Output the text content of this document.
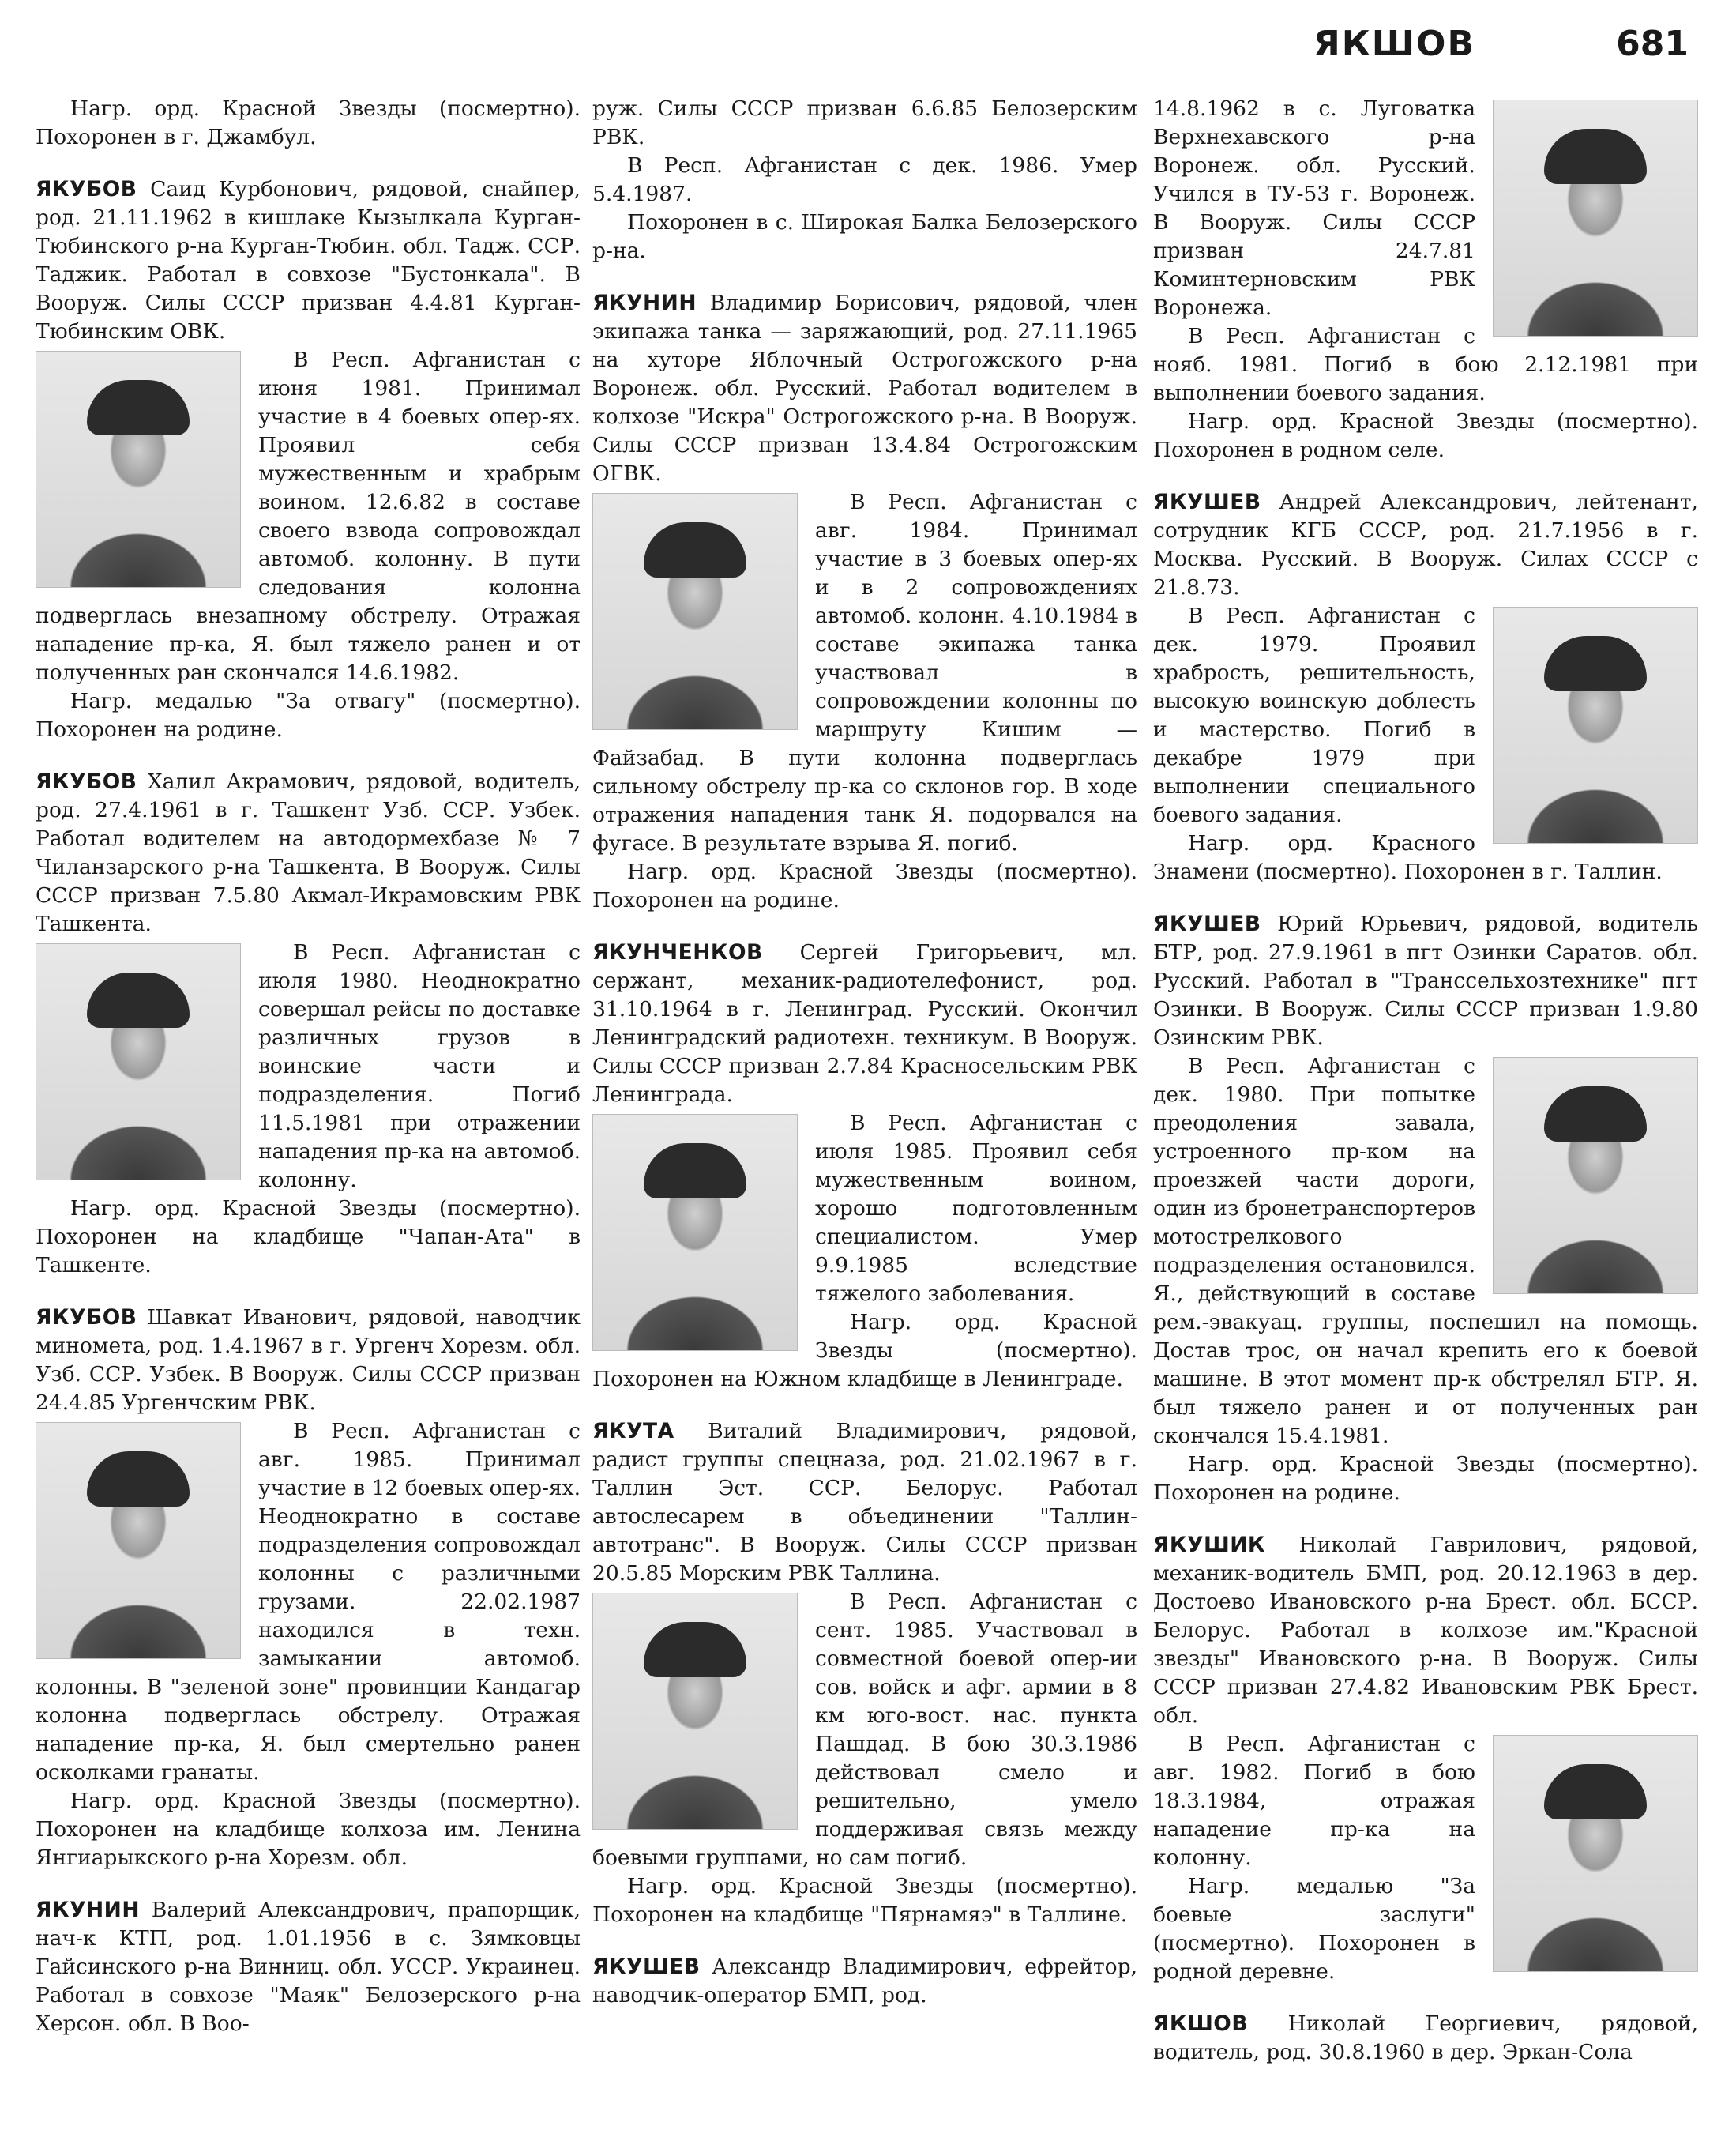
ЯКШОВ	681

Нагр. орд. Красной Звезды (посмертно). Похоронен в г. Джамбул.

ЯКУБОВ Саид Курбонович, рядовой, снайпер, род. 21.11.1962 в кишлаке Кызылкала Курган-Тюбинского р-на Курган-Тюбин. обл. Тадж. ССР. Таджик. Работал в совхозе "Бустонкала". В Вооруж. Силы СССР призван 4.4.81 Курган-Тюбинским ОВК.

В Респ. Афганистан с июня 1981. Принимал участие в 4 боевых опер-ях. Проявил себя мужественным и храбрым воином. 12.6.82 в составе своего взвода сопровождал автомоб. колонну. В пути следования колонна подверглась внезапному обстрелу. Отражая нападение пр-ка, Я. был тяжело ранен и от полученных ран скончался 14.6.1982.

Нагр. медалью "За отвагу" (посмертно). Похоронен на родине.

ЯКУБОВ Халил Акрамович, рядовой, водитель, род. 27.4.1961 в г. Ташкент Узб. ССР. Узбек. Работал водителем на автодормехбазе № 7 Чиланзарского р-на Ташкента. В Вооруж. Силы СССР призван 7.5.80 Акмал-Икрамовским РВК Ташкента.

В Респ. Афганистан с июля 1980. Неоднократно совершал рейсы по доставке различных грузов в воинские части и подразделения. Погиб 11.5.1981 при отражении нападения пр-ка на автомоб. колонну.

Нагр. орд. Красной Звезды (посмертно). Похоронен на кладбище "Чапан-Ата" в Ташкенте.

ЯКУБОВ Шавкат Иванович, рядовой, наводчик миномета, род. 1.4.1967 в г. Ургенч Хорезм. обл. Узб. ССР. Узбек. В Вооруж. Силы СССР призван 24.4.85 Ургенчским РВК.

В Респ. Афганистан с авг. 1985. Принимал участие в 12 боевых опер-ях. Неоднократно в составе подразделения сопровождал колонны с различными грузами. 22.02.1987 находился в техн. замыкании автомоб. колонны. В "зеленой зоне" провинции Кандагар колонна подверглась обстрелу. Отражая нападение пр-ка, Я. был смертельно ранен осколками гранаты.

Нагр. орд. Красной Звезды (посмертно). Похоронен на кладбище колхоза им. Ленина Янгиарыкского р-на Хорезм. обл.

ЯКУНИН Валерий Александрович, прапорщик, нач-к КТП, род. 1.01.1956 в с. Зямковцы Гайсинского р-на Винниц. обл. УССР. Украинец. Работал в совхозе "Маяк" Белозерского р-на Херсон. обл. В Воо-

руж. Силы СССР призван 6.6.85 Белозерским РВК.

В Респ. Афганистан с дек. 1986. Умер 5.4.1987.

Похоронен в с. Широкая Балка Белозерского р-на.

ЯКУНИН Владимир Борисович, рядовой, член экипажа танка — заряжающий, род. 27.11.1965 на хуторе Яблочный Острогожского р-на Воронеж. обл. Русский. Работал водителем в колхозе "Искра" Острогожского р-на. В Вооруж. Силы СССР призван 13.4.84 Острогожским ОГВК.

В Респ. Афганистан с авг. 1984. Принимал участие в 3 боевых опер-ях и в 2 сопровождениях автомоб. колонн. 4.10.1984 в составе экипажа танка участвовал в сопровождении колонны по маршруту Кишим — Файзабад. В пути колонна подверглась сильному обстрелу пр-ка со склонов гор. В ходе отражения нападения танк Я. подорвался на фугасе. В результате взрыва Я. погиб.

Нагр. орд. Красной Звезды (посмертно). Похоронен на родине.

ЯКУНЧЕНКОВ Сергей Григорьевич, мл. сержант, механик-радиотелефонист, род. 31.10.1964 в г. Ленинград. Русский. Окончил Ленинградский радиотехн. техникум. В Вооруж. Силы СССР призван 2.7.84 Красносельским РВК Ленинграда.

В Респ. Афганистан с июля 1985. Проявил себя мужественным воином, хорошо подготовленным специалистом. Умер 9.9.1985 вследствие тяжелого заболевания.

Нагр. орд. Красной Звезды (посмертно). Похоронен на Южном кладбище в Ленинграде.

ЯКУТА Виталий Владимирович, рядовой, радист группы спецназа, род. 21.02.1967 в г. Таллин Эст. ССР. Белорус. Работал автослесарем в объединении "Таллин-автотранс". В Вооруж. Силы СССР призван 20.5.85 Морским РВК Таллина.

В Респ. Афганистан с сент. 1985. Участвовал в совместной боевой опер-ии сов. войск и афг. армии в 8 км юго-вост. нас. пункта Пашдад. В бою 30.3.1986 действовал смело и решительно, умело поддерживая связь между боевыми группами, но сам погиб.

Нагр. орд. Красной Звезды (посмертно). Похоронен на кладбище "Пярнамяэ" в Таллине.

ЯКУШЕВ Александр Владимирович, ефрейтор, наводчик-оператор БМП, род.

14.8.1962 в с. Луговатка Верхнехавского р-на Воронеж. обл. Русский. Учился в ТУ-53 г. Воронеж. В Вооруж. Силы СССР призван 24.7.81 Коминтерновским РВК Воронежа.

В Респ. Афганистан с нояб. 1981. Погиб в бою 2.12.1981 при выполнении боевого задания.

Нагр. орд. Красной Звезды (посмертно). Похоронен в родном селе.

ЯКУШЕВ Андрей Александрович, лейтенант, сотрудник КГБ СССР, род. 21.7.1956 в г. Москва. Русский. В Вооруж. Силах СССР с 21.8.73.

В Респ. Афганистан с дек. 1979. Проявил храбрость, решительность, высокую воинскую доблесть и мастерство. Погиб в декабре 1979 при выполнении специального боевого задания.

Нагр. орд. Красного Знамени (посмертно). Похоронен в г. Таллин.

ЯКУШЕВ Юрий Юрьевич, рядовой, водитель БТР, род. 27.9.1961 в пгт Озинки Саратов. обл. Русский. Работал в "Транссельхозтехнике" пгт Озинки. В Вооруж. Силы СССР призван 1.9.80 Озинским РВК.

В Респ. Афганистан с дек. 1980. При попытке преодоления завала, устроенного пр-ком на проезжей части дороги, один из бронетранспортеров мотострелкового подразделения остановился. Я., действующий в составе рем.-эвакуац. группы, поспешил на помощь. Достав трос, он начал крепить его к боевой машине. В этот момент пр-к обстрелял БТР. Я. был тяжело ранен и от полученных ран скончался 15.4.1981.

Нагр. орд. Красной Звезды (посмертно). Похоронен на родине.

ЯКУШИК Николай Гаврилович, рядовой, механик-водитель БМП, род. 20.12.1963 в дер. Достоево Ивановского р-на Брест. обл. БССР. Белорус. Работал в колхозе им."Красной звезды" Ивановского р-на. В Вооруж. Силы СССР призван 27.4.82 Ивановским РВК Брест. обл.

В Респ. Афганистан с авг. 1982. Погиб в бою 18.3.1984, отражая нападение пр-ка на колонну.

Нагр. медалью "За боевые заслуги" (посмертно). Похоронен в родной деревне.

ЯКШОВ Николай Георгиевич, рядовой, водитель, род. 30.8.1960 в дер. Эркан-Сола
